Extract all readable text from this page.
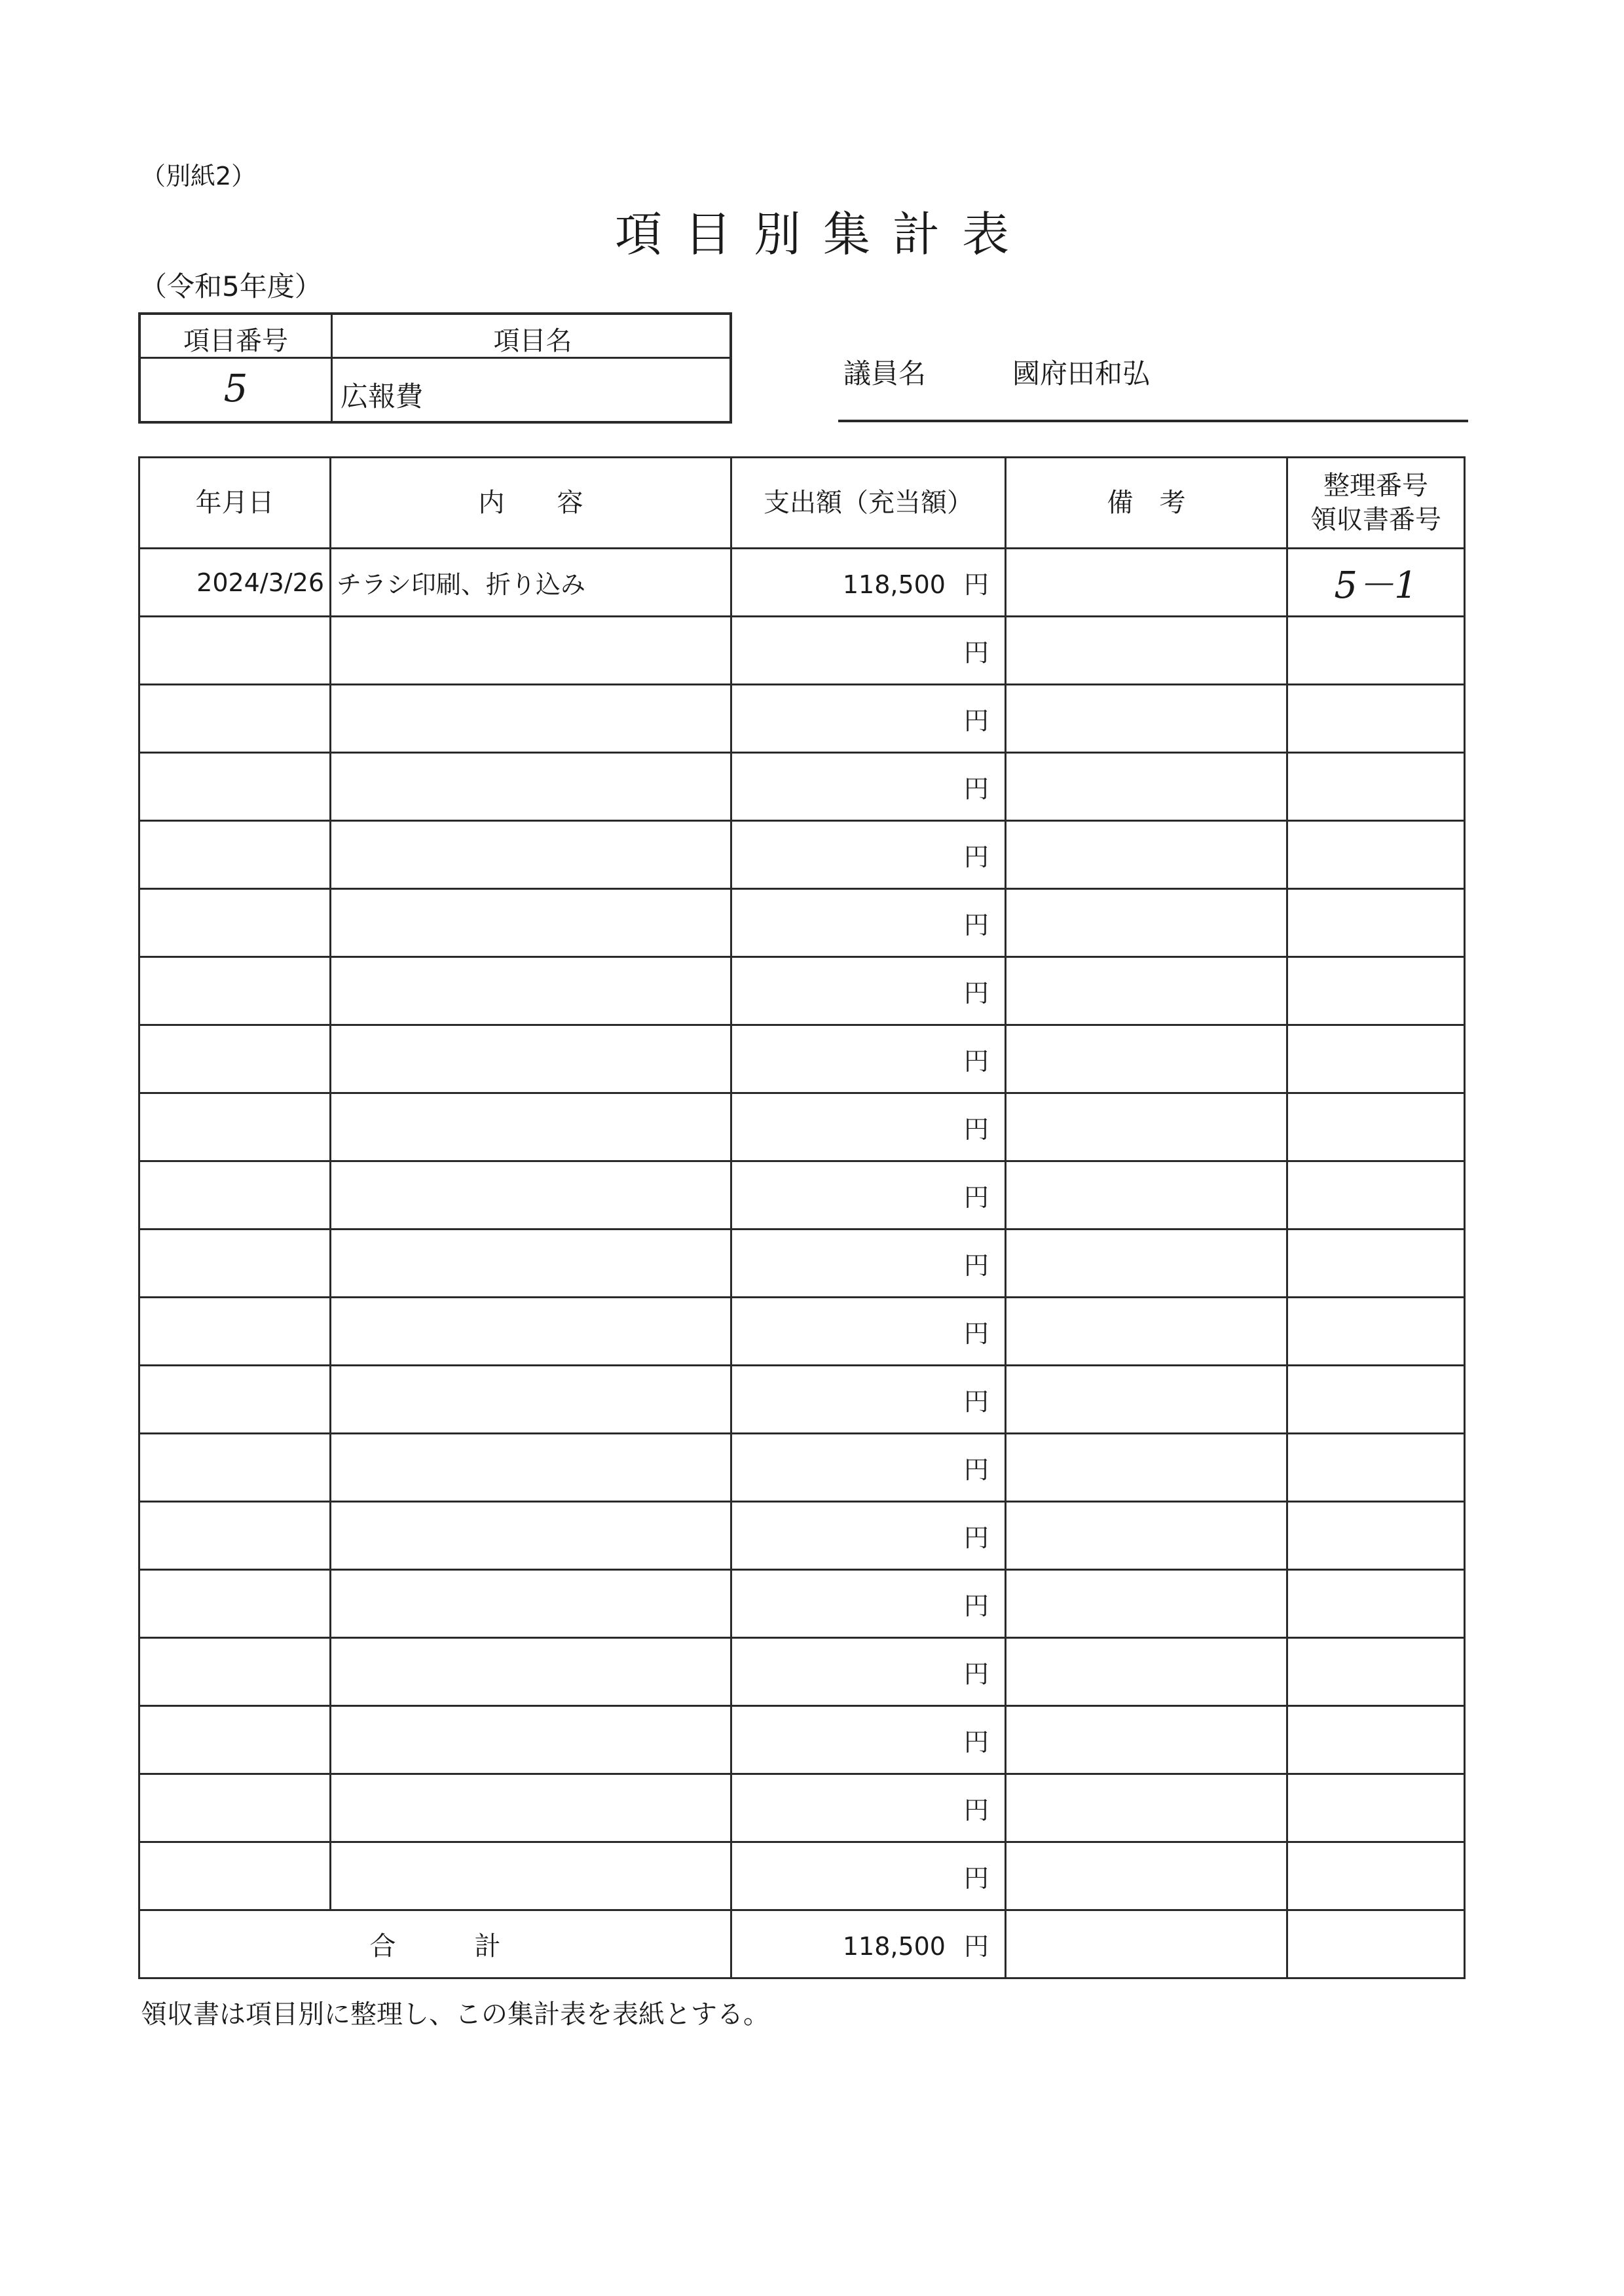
（別紙2）
項目別集計表
（令和5年度）
項目番号	項目名
5	広報費
議員名	國府田和弘
年月日	内　　容	支出額（充当額）	備　考	整理番号
領収書番号

2024/3/26	チラシ印刷、折り込み	118,500 円		5－1
		円		
		円		
		円		
		円		
		円		
		円		
		円		
		円		
		円		
		円		
		円		
		円		
		円		
		円		
		円		
		円		
		円		
		円		
		円		
合計		118,500 円		
領収書は項目別に整理し、この集計表を表紙とする。
